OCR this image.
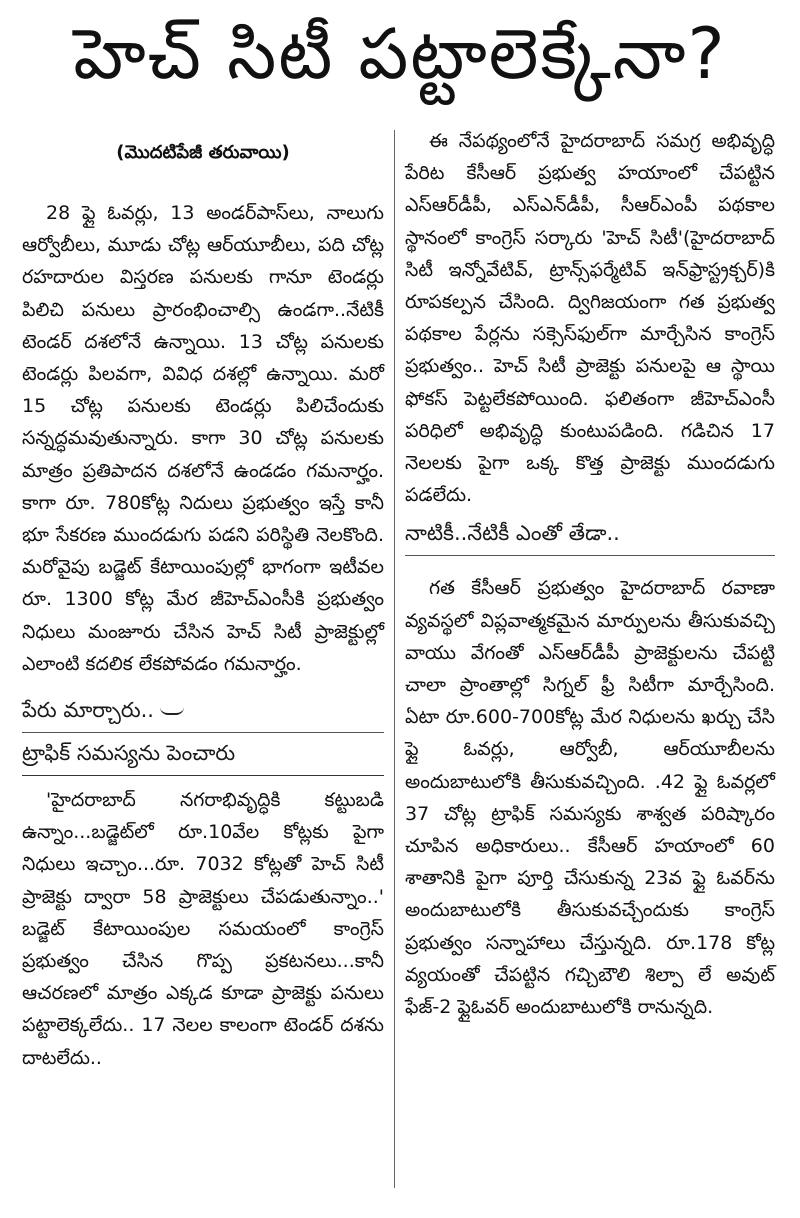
హెచ్ సిటీ పట్టాలెక్కేనా?
(మొదటిపేజీ తరువాయి)

28 ఫ్లై ఓవర్లు, 13 అండర్‌పాస్‌లు, నాలుగు ఆర్వోబీలు, మూడు చోట్ల ఆర్‌యూబీలు, పది చోట్ల రహదారుల విస్తరణ పనులకు గానూ టెండర్లు పిలిచి పనులు ప్రారంభించాల్సి ఉండగా..నేటికీ టెండర్ దశలోనే ఉన్నాయి. 13 చోట్ల పనులకు టెండర్లు పిలవగా, వివిధ దశల్లో ఉన్నాయి. మరో 15 చోట్ల పనులకు టెండర్లు పిలిచేందుకు సన్నద్ధమవుతున్నారు. కాగా 30 చోట్ల పనులకు మాత్రం ప్రతిపాదన దశలోనే ఉండడం గమనార్హం. కాగా రూ. 780కోట్ల నిదులు ప్రభుత్వం ఇస్తే కానీ భూ సేకరణ ముందడుగు పడని పరిస్థితి నెలకొంది. మరోవైపు బడ్జెట్ కేటాయింపుల్లో భాగంగా ఇటీవల రూ. 1300 కోట్ల మేర జీహెచ్ఎంసీకి ప్రభుత్వం నిధులు మంజూరు చేసిన హెచ్ సిటీ ప్రాజెక్టుల్లో ఎలాంటి కదలిక లేకపోవడం గమనార్హం.

పేరు మార్చారు..
ట్రాఫిక్ సమస్యను పెంచారు

'హైదరాబాద్ నగరాభివృద్ధికి కట్టుబడి ఉన్నాం...బడ్జెట్‌లో రూ.10వేల కోట్లకు పైగా నిధులు ఇచ్చాం...రూ. 7032 కోట్లతో హెచ్ సిటీ ప్రాజెక్టు ద్వారా 58 ప్రాజెక్టులు చేపడుతున్నాం..' బడ్జెట్ కేటాయింపుల సమయంలో కాంగ్రెస్ ప్రభుత్వం చేసిన గొప్ప ప్రకటనలు...కానీ ఆచరణలో మాత్రం ఎక్కడ కూడా ప్రాజెక్టు పనులు పట్టాలెక్కలేదు.. 17 నెలల కాలంగా టెండర్ దశను దాటలేదు..

ఈ నేపథ్యంలోనే హైదరాబాద్ సమగ్ర అభివృద్ధి పేరిట కేసీఆర్ ప్రభుత్వ హయాంలో చేపట్టిన ఎస్ఆర్‌డీపీ, ఎస్ఎన్‌డీపీ, సీఆర్ఎంపీ పథకాల స్థానంలో కాంగ్రెస్ సర్కారు 'హెచ్ సిటీ'(హైదరాబాద్ సిటీ ఇన్నోవేటివ్, ట్రాన్స్‌ఫర్మేటివ్ ఇన్‌ఫ్రాస్ట్రక్చర్)కి రూపకల్పన చేసింది. ద్విగిజయంగా గత ప్రభుత్వ పథకాల పేర్లను సక్సెస్‌ఫుల్‌గా మార్చేసిన కాంగ్రెస్ ప్రభుత్వం.. హెచ్ సిటీ ప్రాజెక్టు పనులపై ఆ స్థాయి ఫోకస్ పెట్టలేకపోయింది. ఫలితంగా జీహెచ్ఎంసీ పరిధిలో అభివృద్ధి కుంటుపడింది. గడిచిన 17 నెలలకు పైగా ఒక్క కొత్త ప్రాజెక్టు ముందడుగు పడలేదు.

నాటికీ..నేటికీ ఎంతో తేడా..

గత కేసీఆర్ ప్రభుత్వం హైదరాబాద్ రవాణా వ్యవస్థలో విప్లవాత్మకమైన మార్పులను తీసుకువచ్చి వాయు వేగంతో ఎస్ఆర్‌డీపీ ప్రాజెక్టులను చేపట్టి చాలా ప్రాంతాల్లో సిగ్నల్ ఫ్రీ సిటీగా మార్చేసింది. ఏటా రూ.600-700కోట్ల మేర నిధులను ఖర్చు చేసి ఫ్లై ఓవర్లు, ఆర్వోబీ, ఆర్‌యూబీలను అందుబాటులోకి తీసుకువచ్చింది. .42 ఫ్లై ఓవర్లలో 37 చోట్ల ట్రాఫిక్ సమస్యకు శాశ్వత పరిష్కారం చూపిన అధికారులు.. కేసీఆర్ హయాంలో 60 శాతానికి పైగా పూర్తి చేసుకున్న 23వ ఫ్లై ఓవర్‌ను అందుబాటులోకి తీసుకువచ్చేందుకు కాంగ్రెస్ ప్రభుత్వం సన్నాహాలు చేస్తున్నది. రూ.178 కోట్ల వ్యయంతో చేపట్టిన గచ్చిబౌలి శిల్పా లే అవుట్ ఫేజ్-2 ఫ్లైఓవర్ అందుబాటులోకి రానున్నది.
